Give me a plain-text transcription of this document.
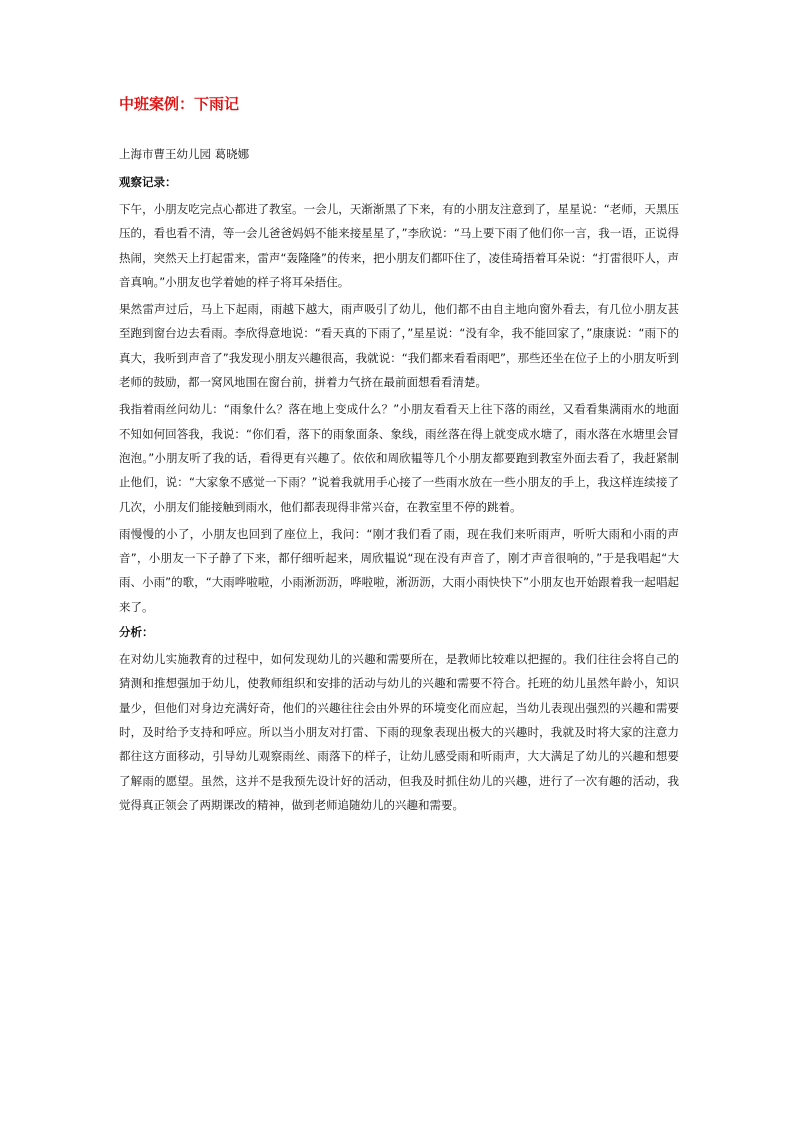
中班案例：下雨记

上海市曹王幼儿园 葛晓娜

观察记录：

下午，小朋友吃完点心都进了教室。一会儿，天渐渐黑了下来，有的小朋友注意到了，星星说：“老师，天黑压压的，看也看不清，等一会儿爸爸妈妈不能来接星星了，”李欣说：“马上要下雨了他们你一言，我一语，正说得热闹，突然天上打起雷来，雷声“轰隆隆”的传来，把小朋友们都吓住了，凌佳琦捂着耳朵说：“打雷很吓人，声音真响。”小朋友也学着她的样子将耳朵捂住。

果然雷声过后，马上下起雨，雨越下越大，雨声吸引了幼儿，他们都不由自主地向窗外看去，有几位小朋友甚至跑到窗台边去看雨。李欣得意地说：“看天真的下雨了，”星星说：“没有伞，我不能回家了，”康康说：“雨下的真大，我听到声音了”我发现小朋友兴趣很高，我就说：“我们都来看看雨吧”，那些还坐在位子上的小朋友听到老师的鼓励，都一窝风地围在窗台前，拼着力气挤在最前面想看看清楚。

我指着雨丝问幼儿：“雨象什么？落在地上变成什么？”小朋友看看天上往下落的雨丝，又看看集满雨水的地面不知如何回答我，我说：“你们看，落下的雨象面条、象线，雨丝落在得上就变成水塘了，雨水落在水塘里会冒泡泡。”小朋友听了我的话，看得更有兴趣了。依依和周欣韫等几个小朋友都要跑到教室外面去看了，我赶紧制止他们，说：“大家象不感觉一下雨？”说着我就用手心接了一些雨水放在一些小朋友的手上，我这样连续接了几次，小朋友们能接触到雨水，他们都表现得非常兴奋，在教室里不停的跳着。

雨慢慢的小了，小朋友也回到了座位上，我问：“刚才我们看了雨，现在我们来听雨声，听听大雨和小雨的声音”，小朋友一下子静了下来，都仔细听起来，周欣韫说“现在没有声音了，刚才声音很响的，”于是我唱起“大雨、小雨”的歌，“大雨哗啦啦，小雨淅沥沥，哗啦啦，淅沥沥，大雨小雨快快下”小朋友也开始跟着我一起唱起来了。

分析：

在对幼儿实施教育的过程中，如何发现幼儿的兴趣和需要所在，是教师比较难以把握的。我们往往会将自己的猜测和推想强加于幼儿，使教师组织和安排的活动与幼儿的兴趣和需要不符合。托班的幼儿虽然年龄小，知识量少，但他们对身边充满好奇，他们的兴趣往往会由外界的环境变化而应起，当幼儿表现出强烈的兴趣和需要时，及时给予支持和呼应。所以当小朋友对打雷、下雨的现象表现出极大的兴趣时，我就及时将大家的注意力都往这方面移动，引导幼儿观察雨丝、雨落下的样子，让幼儿感受雨和听雨声，大大满足了幼儿的兴趣和想要了解雨的愿望。虽然，这并不是我预先设计好的活动，但我及时抓住幼儿的兴趣，进行了一次有趣的活动，我觉得真正领会了两期课改的精神，做到老师追随幼儿的兴趣和需要。
